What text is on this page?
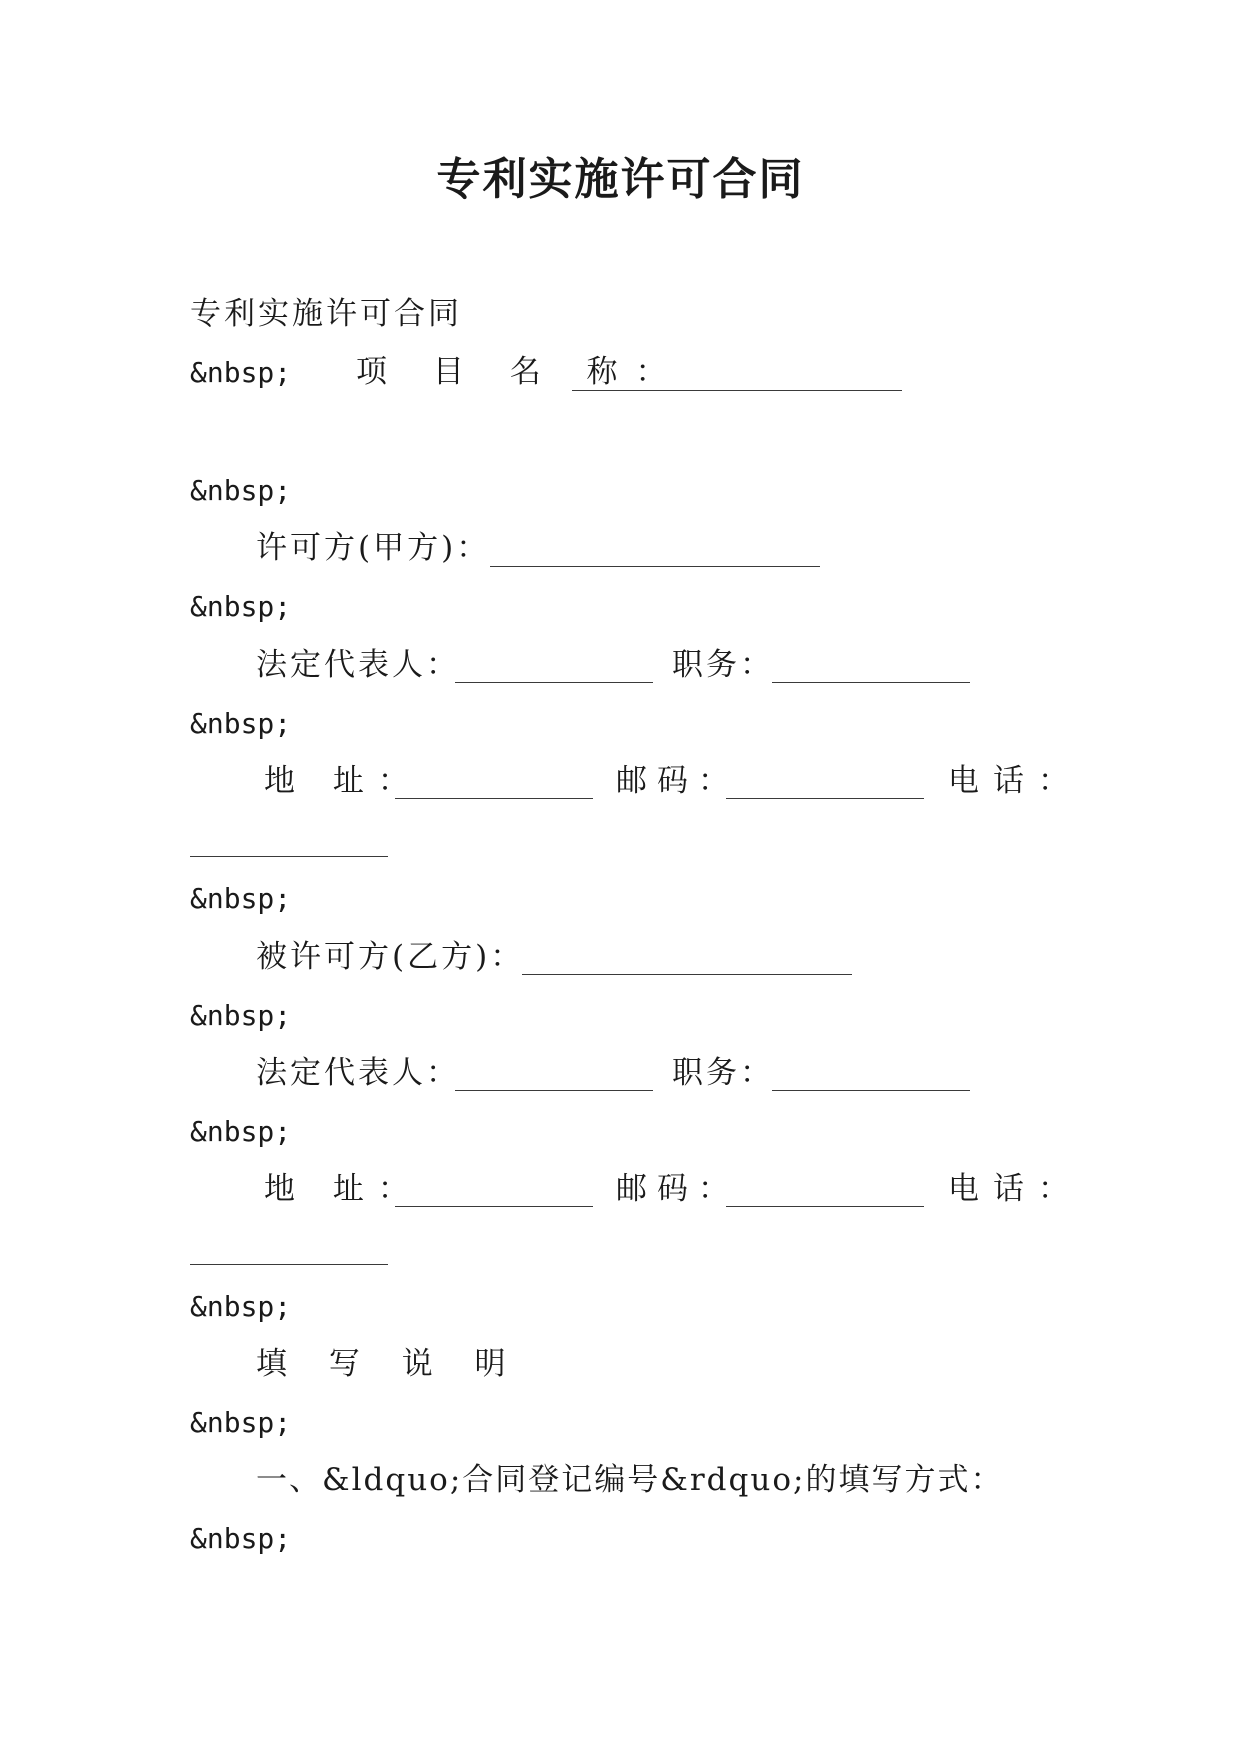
专利实施许可合同
专利实施许可合同
&nbsp; 项 目 名 称：
&nbsp;
许可方(甲方)：
&nbsp;
法定代表人：	职务：
&nbsp;
地 址：	邮码：	电话：
&nbsp;
被许可方(乙方)：
&nbsp;
法定代表人：	职务：
&nbsp;
地 址：	邮码：	电话：
&nbsp;
填 写 说 明
&nbsp;
一、&ldquo;合同登记编号&rdquo;的填写方式：
&nbsp;
